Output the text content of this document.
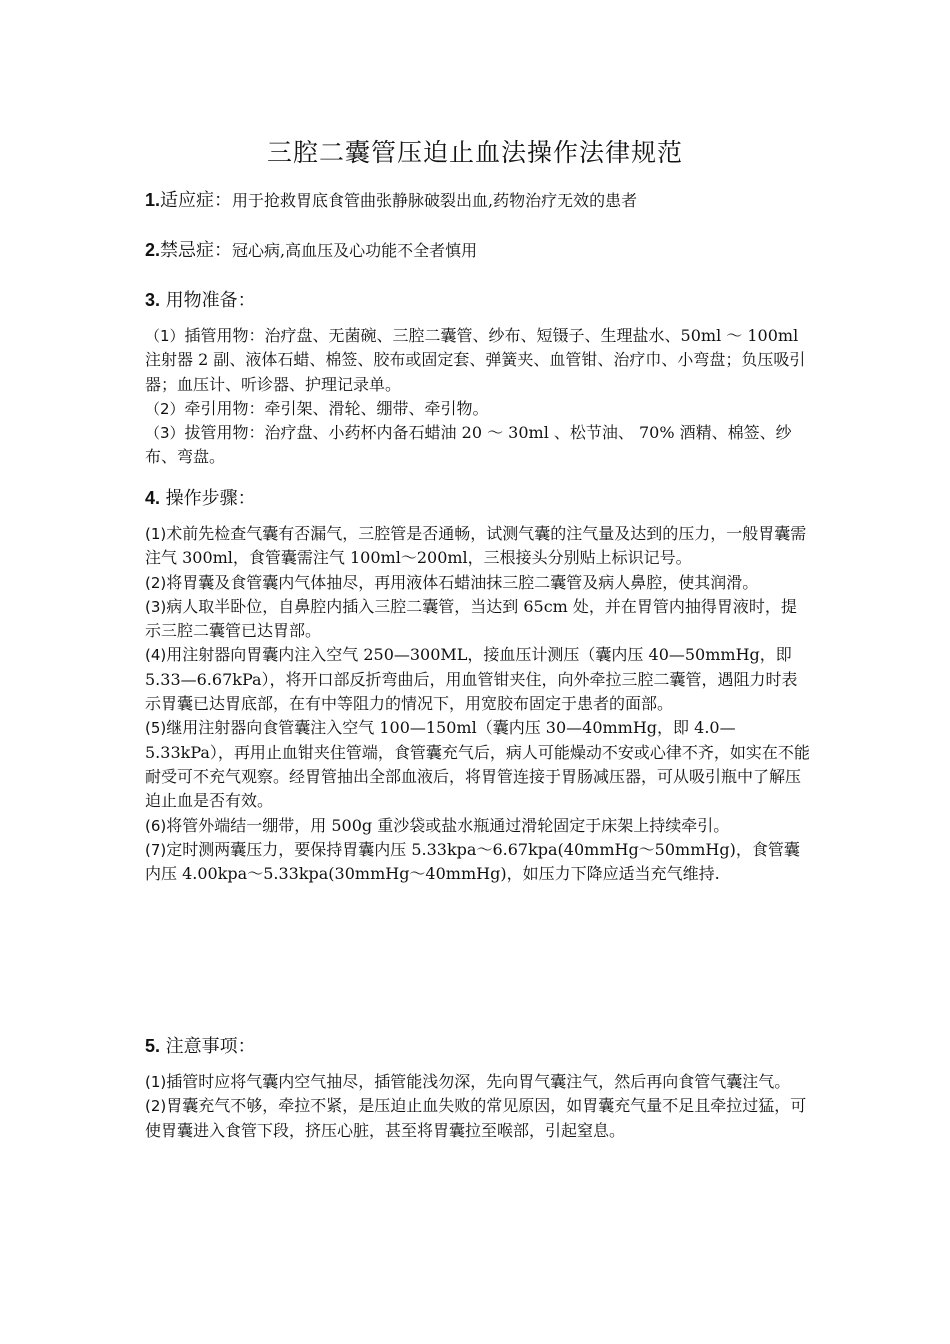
三腔二囊管压迫止血法操作法律规范
1.适应症：用于抢救胃底食管曲张静脉破裂出血,药物治疗无效的患者
2.禁忌症：冠心病,高血压及心功能不全者慎用
3. 用物准备：

（1）插管用物：治疗盘、无菌碗、三腔二囊管、纱布、短镊子、生理盐水、50ml ～ 100ml 注射器 2 副、液体石蜡、棉签、胶布或固定套、弹簧夹、血管钳、治疗巾、小弯盘；负压吸引器；血压计、听诊器、护理记录单。

（2）牵引用物：牵引架、滑轮、绷带、牵引物。

（3）拔管用物：治疗盘、小药杯内备石蜡油 20 ～ 30ml 、松节油、 70% 酒精、棉签、纱布、弯盘。

4. 操作步骤：

(1)术前先检查气囊有否漏气，三腔管是否通畅，试测气囊的注气量及达到的压力，一般胃囊需注气 300ml，食管囊需注气 100ml～200ml，三根接头分别贴上标识记号。

(2)将胃囊及食管囊内气体抽尽，再用液体石蜡油抹三腔二囊管及病人鼻腔，使其润滑。

(3)病人取半卧位，自鼻腔内插入三腔二囊管，当达到 65cm 处，并在胃管内抽得胃液时，提示三腔二囊管已达胃部。

(4)用注射器向胃囊内注入空气 250—300ML，接血压计测压（囊内压 40—50mmHg，即 5.33—6.67kPa），将开口部反折弯曲后，用血管钳夹住，向外牵拉三腔二囊管，遇阻力时表示胃囊已达胃底部，在有中等阻力的情况下，用宽胶布固定于患者的面部。

(5)继用注射器向食管囊注入空气 100—150ml（囊内压 30—40mmHg，即 4.0—5.33kPa），再用止血钳夹住管端，食管囊充气后，病人可能燥动不安或心律不齐，如实在不能耐受可不充气观察。经胃管抽出全部血液后，将胃管连接于胃肠减压器，可从吸引瓶中了解压迫止血是否有效。

(6)将管外端结一绷带，用 500g 重沙袋或盐水瓶通过滑轮固定于床架上持续牵引。

(7)定时测两囊压力，要保持胃囊内压 5.33kpa～6.67kpa(40mmHg～50mmHg)，食管囊内压 4.00kpa～5.33kpa(30mmHg～40mmHg)，如压力下降应适当充气维持.

5. 注意事项：

(1)插管时应将气囊内空气抽尽，插管能浅勿深，先向胃气囊注气，然后再向食管气囊注气。

(2)胃囊充气不够，牵拉不紧，是压迫止血失败的常见原因，如胃囊充气量不足且牵拉过猛，可使胃囊进入食管下段，挤压心脏，甚至将胃囊拉至喉部，引起窒息。
